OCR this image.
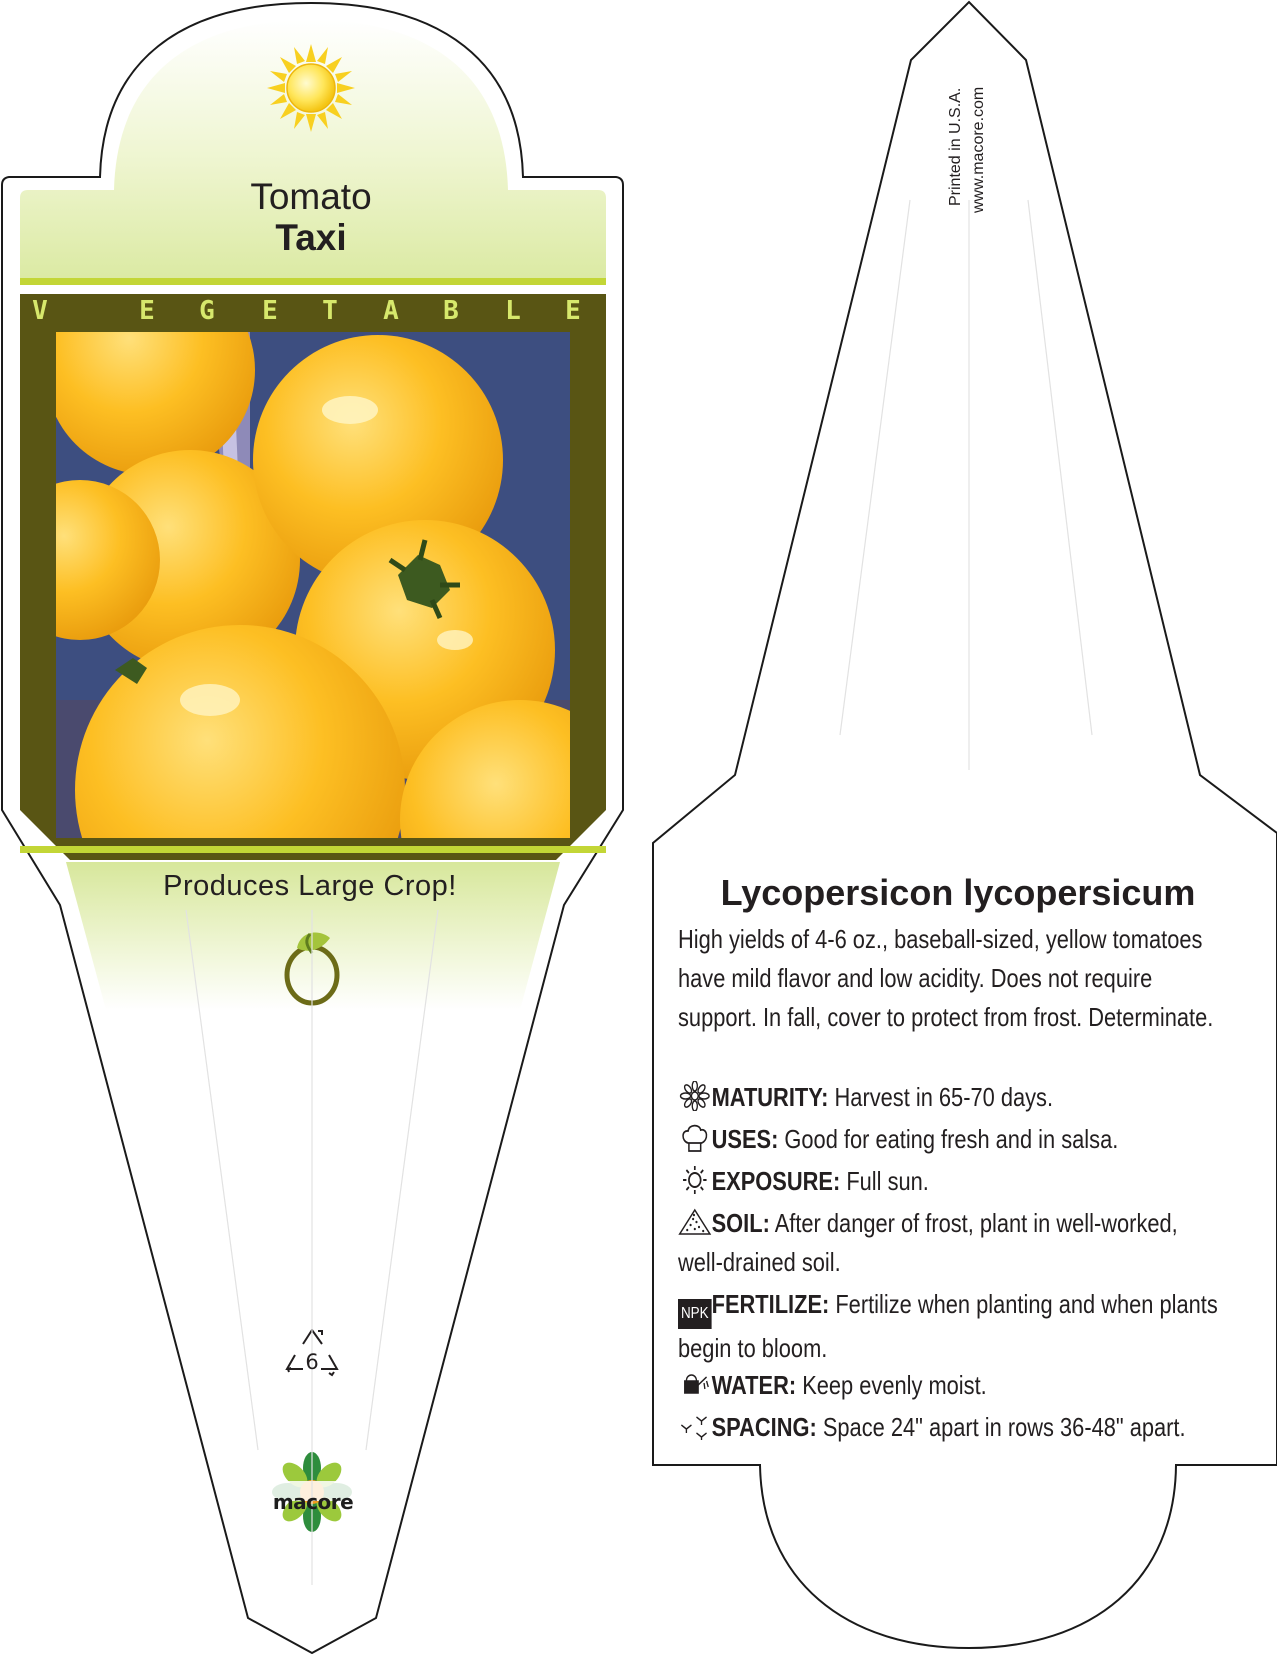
Tomato
Taxi
V	E G E T A B L E
Produces Large Crop!
6
macore
Printed in U.S.A. www.macore.com
Lycopersicon lycopersicum
High yields of 4-6 oz., baseball-sized, yellow tomatoes have mild flavor and low acidity. Does not require support. In fall, cover to protect from frost. Determinate.
MATURITY: Harvest in 65-70 days.
USES: Good for eating fresh and in salsa.
EXPOSURE: Full sun.
SOIL: After danger of frost, plant in well-worked, well-drained soil.
NPK FERTILIZE: Fertilize when planting and when plants begin to bloom.
WATER: Keep evenly moist.
SPACING: Space 24" apart in rows 36-48" apart.
